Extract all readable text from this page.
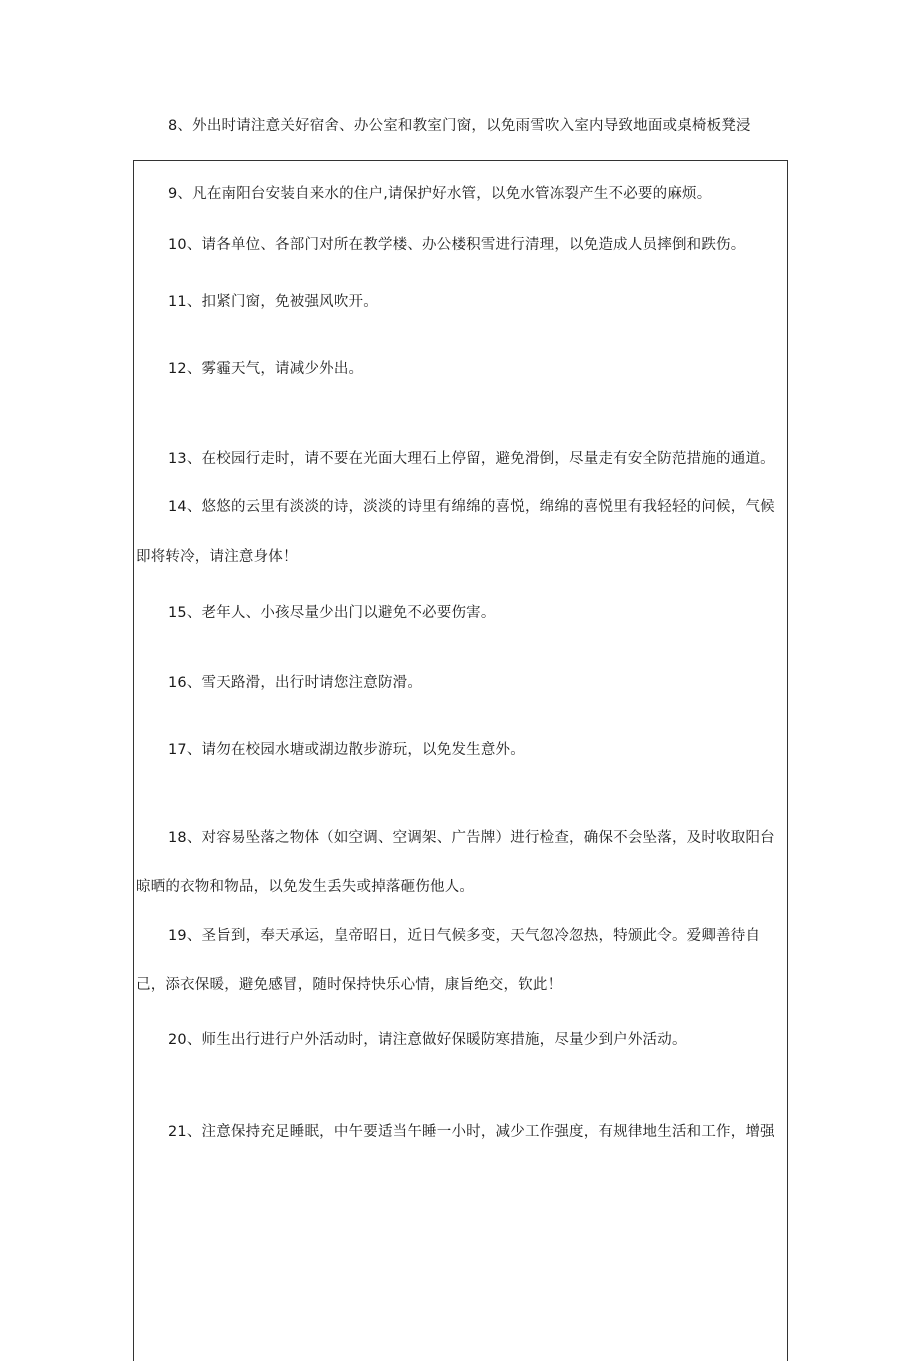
8、外出时请注意关好宿舍、办公室和教室门窗，以免雨雪吹入室内导致地面或桌椅板凳浸
9、凡在南阳台安装自来水的住户,请保护好水管，以免水管冻裂产生不必要的麻烦。
10、请各单位、各部门对所在教学楼、办公楼积雪进行清理，以免造成人员摔倒和跌伤。
11、扣紧门窗，免被强风吹开。
12、雾霾天气，请减少外出。
13、在校园行走时，请不要在光面大理石上停留，避免滑倒，尽量走有安全防范措施的通道。
14、悠悠的云里有淡淡的诗，淡淡的诗里有绵绵的喜悦，绵绵的喜悦里有我轻轻的问候，气候
即将转冷，请注意身体！
15、老年人、小孩尽量少出门以避免不必要伤害。
16、雪天路滑，出行时请您注意防滑。
17、请勿在校园水塘或湖边散步游玩，以免发生意外。
18、对容易坠落之物体（如空调、空调架、广告牌）进行检查，确保不会坠落，及时收取阳台
晾晒的衣物和物品，以免发生丢失或掉落砸伤他人。
19、圣旨到，奉天承运，皇帝昭日，近日气候多变，天气忽冷忽热，特颁此令。爱卿善待自
己，添衣保暖，避免感冒，随时保持快乐心情，康旨绝交，钦此！
20、师生出行进行户外活动时，请注意做好保暖防寒措施，尽量少到户外活动。
21、注意保持充足睡眠，中午要适当午睡一小时，减少工作强度，有规律地生活和工作，增强
